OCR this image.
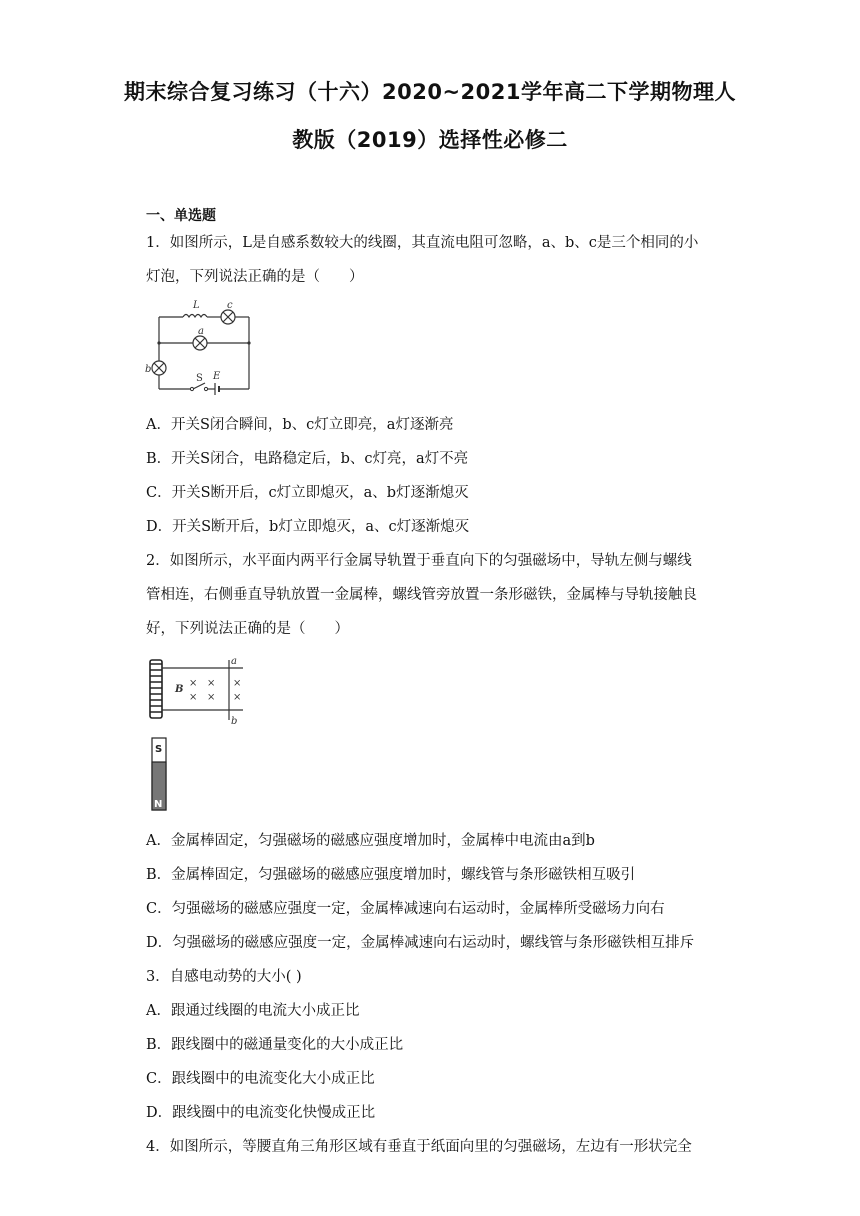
期末综合复习练习（十六）2020~2021学年高二下学期物理人
教版（2019）选择性必修二
一、单选题
1．如图所示，L是自感系数较大的线圈，其直流电阻可忽略，a、b、c是三个相同的小
灯泡，下列说法正确的是（　　）
L	c
a
b
S E
A．开关S闭合瞬间，b、c灯立即亮，a灯逐渐亮
B．开关S闭合，电路稳定后，b、c灯亮，a灯不亮
C．开关S断开后，c灯立即熄灭，a、b灯逐渐熄灭
D．开关S断开后，b灯立即熄灭，a、c灯逐渐熄灭
2．如图所示，水平面内两平行金属导轨置于垂直向下的匀强磁场中，导轨左侧与螺线
管相连，右侧垂直导轨放置一金属棒，螺线管旁放置一条形磁铁，金属棒与导轨接触良
好，下列说法正确的是（　　）
B
a
b
× × ×
× × ×
S
N
A．金属棒固定，匀强磁场的磁感应强度增加时，金属棒中电流由a到b
B．金属棒固定，匀强磁场的磁感应强度增加时，螺线管与条形磁铁相互吸引
C．匀强磁场的磁感应强度一定，金属棒减速向右运动时，金属棒所受磁场力向右
D．匀强磁场的磁感应强度一定，金属棒减速向右运动时，螺线管与条形磁铁相互排斥
3．自感电动势的大小( )
A．跟通过线圈的电流大小成正比
B．跟线圈中的磁通量变化的大小成正比
C．跟线圈中的电流变化大小成正比
D．跟线圈中的电流变化快慢成正比
4．如图所示，等腰直角三角形区域有垂直于纸面向里的匀强磁场，左边有一形状完全
